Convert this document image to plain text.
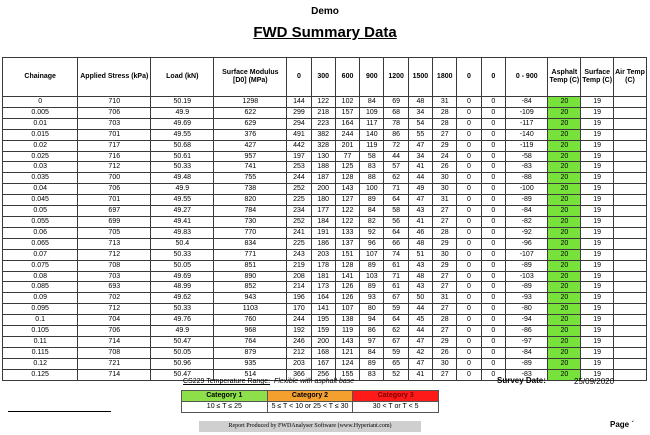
Demo
FWD Summary Data
Chainage	Applied Stress (kPa)	Load (kN)	Surface Modulus [D0] (MPa)	0	300	600	900	1200	1500	1800	0	0	0 - 900	Asphalt Temp (C)	Surface Temp (C)	Air Temp (C)
0	710	50.19	1298	144	122	102	84	69	48	31	0	0	-84	20	19	
0.005	706	49.9	622	299	218	157	109	68	34	28	0	0	-109	20	19	
0.01	703	49.69	629	294	223	164	117	78	54	28	0	0	-117	20	19	
0.015	701	49.55	376	491	382	244	140	86	55	27	0	0	-140	20	19	
0.02	717	50.68	427	442	328	201	119	72	47	29	0	0	-119	20	19	
0.025	716	50.61	957	197	130	77	58	44	34	24	0	0	-58	20	19	
0.03	712	50.33	741	253	188	125	83	57	41	26	0	0	-83	20	19	
0.035	700	49.48	755	244	187	128	88	62	44	30	0	0	-88	20	19	
0.04	706	49.9	738	252	200	143	100	71	49	30	0	0	-100	20	19	
0.045	701	49.55	820	225	180	127	89	64	47	31	0	0	-89	20	19	
0.05	697	49.27	784	234	177	122	84	58	43	27	0	0	-84	20	19	
0.055	699	49.41	730	252	184	122	82	56	41	27	0	0	-82	20	19	
0.06	705	49.83	770	241	191	133	92	64	46	28	0	0	-92	20	19	
0.065	713	50.4	834	225	186	137	96	66	48	29	0	0	-96	20	19	
0.07	712	50.33	771	243	203	151	107	74	51	30	0	0	-107	20	19	
0.075	708	50.05	851	219	178	128	89	61	43	29	0	0	-89	20	19	
0.08	703	49.69	890	208	181	141	103	71	48	27	0	0	-103	20	19	
0.085	693	48.99	852	214	173	126	89	61	43	27	0	0	-89	20	19	
0.09	702	49.62	943	196	164	126	93	67	50	31	0	0	-93	20	19	
0.095	712	50.33	1103	170	141	107	80	59	44	27	0	0	-80	20	19	
0.1	704	49.76	760	244	195	138	94	64	45	28	0	0	-94	20	19	
0.105	706	49.9	968	192	159	119	86	62	44	27	0	0	-86	20	19	
0.11	714	50.47	764	246	200	143	97	67	47	29	0	0	-97	20	19	
0.115	708	50.05	879	212	168	121	84	59	42	26	0	0	-84	20	19	
0.12	721	50.96	935	203	167	124	89	65	47	30	0	0	-89	20	19	
0.125	714	50.47	514	366	256	155	83	52	41	27	0	0	-83	20	19	
CS229 Temperature Range: Flexible with asphalt base	Survey Date:	25/09/2020
Category 1	Category 2	Category 3
10 ≤ T ≤ 25	5 ≤ T < 10 or 25 < T ≤ 30	30 < T or T < 5
Report Produced by FWDAnalyser Software (www.Hyperiant.com)	Page ´
